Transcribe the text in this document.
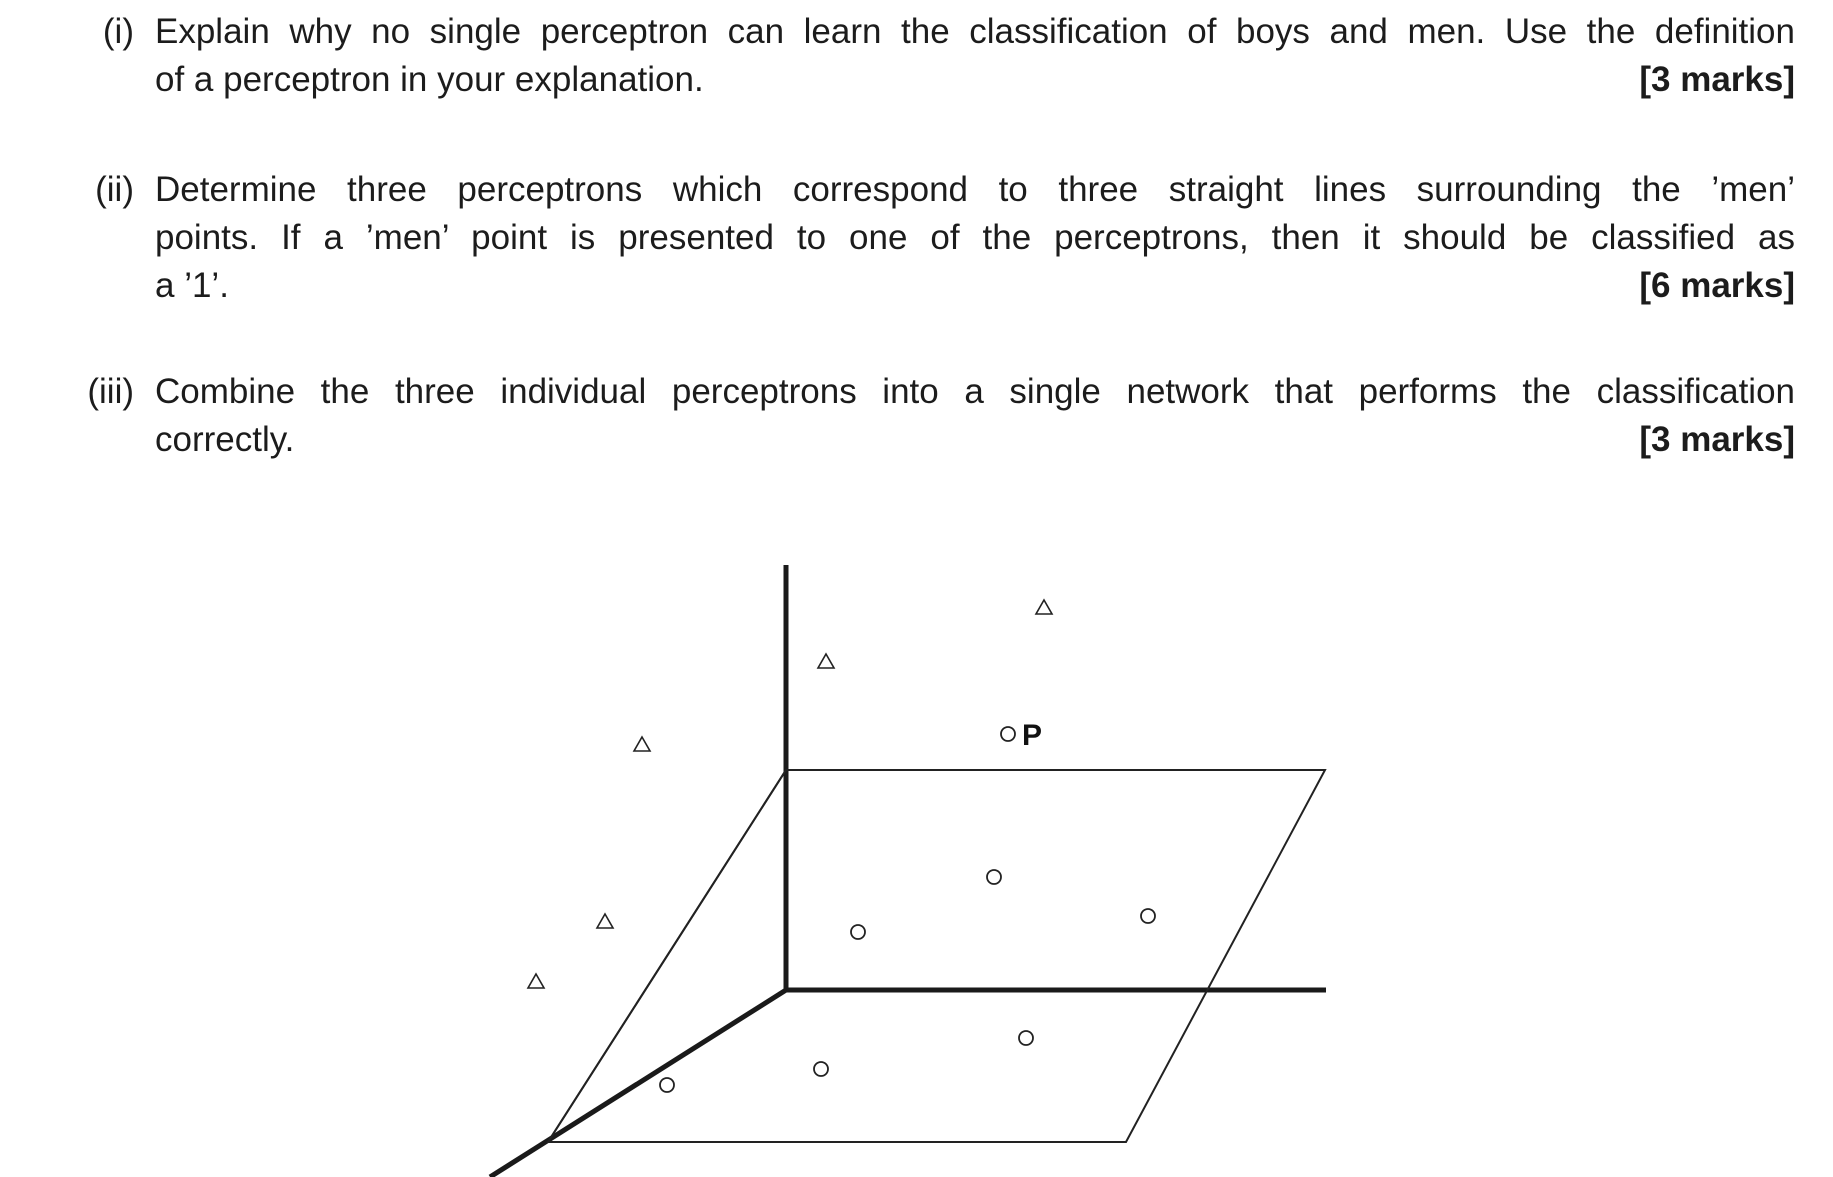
(i) Explain why no single perceptron can learn the classification of boys and men. Use the definition
of a perceptron in your explanation.	[3 marks]
(ii) Determine three perceptrons which correspond to three straight lines surrounding the ’men’
points. If a ’men’ point is presented to one of the perceptrons, then it should be classified as
a ’1’.	[6 marks]
(iii) Combine the three individual perceptrons into a single network that performs the classification
correctly.	[3 marks]
P
